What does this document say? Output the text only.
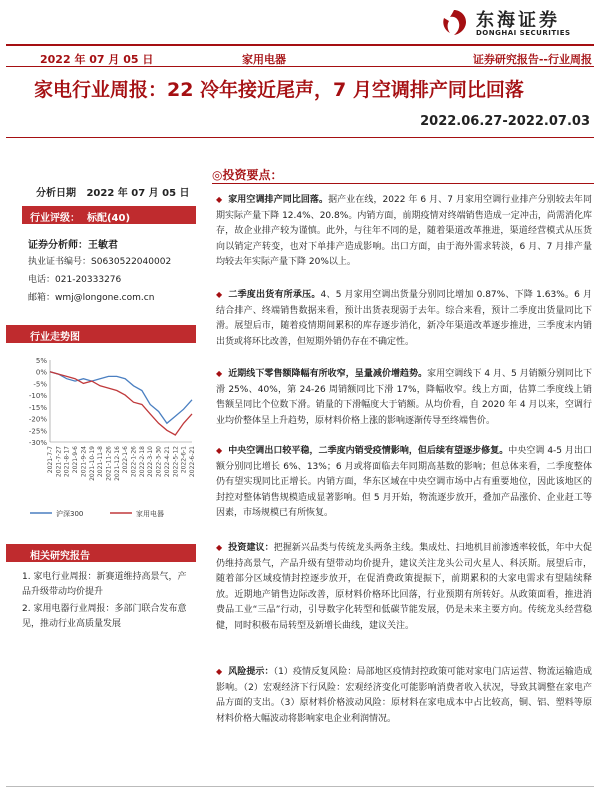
东海证券
DONGHAI SECURITIES
2022 年 07 月 05 日	家用电器	证券研究报告--行业周报
家电行业周报：22 冷年接近尾声，7 月空调排产同比回落
2022.06.27-2022.07.03
分析日期 2022 年 07 月 05 日
行业评级： 标配(40)
证券分析师：王敏君
执业证书编号：S0630522040002
电话：021-20333276
邮箱：wmj@longone.com.cn
行业走势图
5%
0%
-5%
-10%
-15%
-20%
-25%
-30%
2021-7-7 2021-7-27 2021-8-17 2021-9-6 2021-9-24 2021-10-19 2021-11-8 2021-11-26 2021-12-16 2022-1-6 2022-1-26 2022-2-18 2022-3-10 2022-3-30 2022-4-21 2022-5-12 2022-6-1 2022-6-21
沪深300	家用电器
相关研究报告
1. 家电行业周报：新赛道维持高景气，产品升级带动均价提升
2. 家用电器行业周报：多部门联合发布意见，推动行业高质量发展
◎投资要点：
◆ 家用空调排产同比回落。据产业在线，2022 年 6 月、7 月家用空调行业排产分别较去年同期实际产量下降 12.4%、20.8%。内销方面，前期疫情对终端销售造成一定冲击，尚需消化库存，故企业排产较为谨慎。此外，与往年不同的是，随着渠道改革推进，渠道经营模式从压货向以销定产转变，也对下单排产造成影响。出口方面，由于海外需求转淡，6 月、7 月排产量均较去年实际产量下降 20%以上。
◆ 二季度出货有所承压。4、5 月家用空调出货量分别同比增加 0.87%、下降 1.63%。6 月结合排产、终端销售数据来看，预计出货表现弱于去年。综合来看，预计二季度出货量同比下滑。展望后市，随着疫情期间累积的库存逐步消化，新冷年渠道改革逐步推进，三季度末内销出货或将环比改善，但短期外销仍存在不确定性。
◆ 近期线下零售额降幅有所收窄，呈量减价增趋势。家用空调线下 4 月、5 月销额分别同比下滑 25%、40%，第 24-26 周销额同比下滑 17%，降幅收窄。线上方面，估算二季度线上销售额呈同比个位数下滑。销量的下滑幅度大于销额。从均价看，自 2020 年 4 月以来，空调行业均价整体呈上升趋势，原材料价格上涨的影响逐渐传导至终端售价。
◆ 中央空调出口较平稳，二季度内销受疫情影响，但后续有望逐步修复。中央空调 4-5 月出口额分别同比增长 6%、13%；6 月或将面临去年同期高基数的影响；但总体来看，二季度整体仍有望实现同比正增长。内销方面，华东区域在中央空调市场中占有重要地位，因此该地区的封控对整体销售规模造成显著影响。但 5 月开始，物流逐步放开，叠加产品涨价、企业赶工等因素，市场规模已有所恢复。
◆ 投资建议：把握新兴品类与传统龙头两条主线。集成灶、扫地机目前渗透率较低，年中大促仍维持高景气，产品升级有望带动均价提升，建议关注龙头公司火星人、科沃斯。展望后市，随着部分区域疫情封控逐步放开，在促消费政策提振下，前期累积的大家电需求有望陆续释放。近期地产销售边际改善，原材料价格环比回落，行业预期有所转好。从政策面看，推进消费品工业“三品”行动，引导数字化转型和低碳节能发展，仍是未来主要方向。传统龙头经营稳健，同时积极布局转型及新增长曲线，建议关注。
◆ 风险提示：（1）疫情反复风险：局部地区疫情封控政策可能对家电门店运营、物流运输造成影响。（2）宏观经济下行风险：宏观经济变化可能影响消费者收入状况，导致其调整在家电产品方面的支出。（3）原材料价格波动风险：原材料在家电成本中占比较高，铜、铝、塑料等原材料价格大幅波动将影响家电企业利润情况。
